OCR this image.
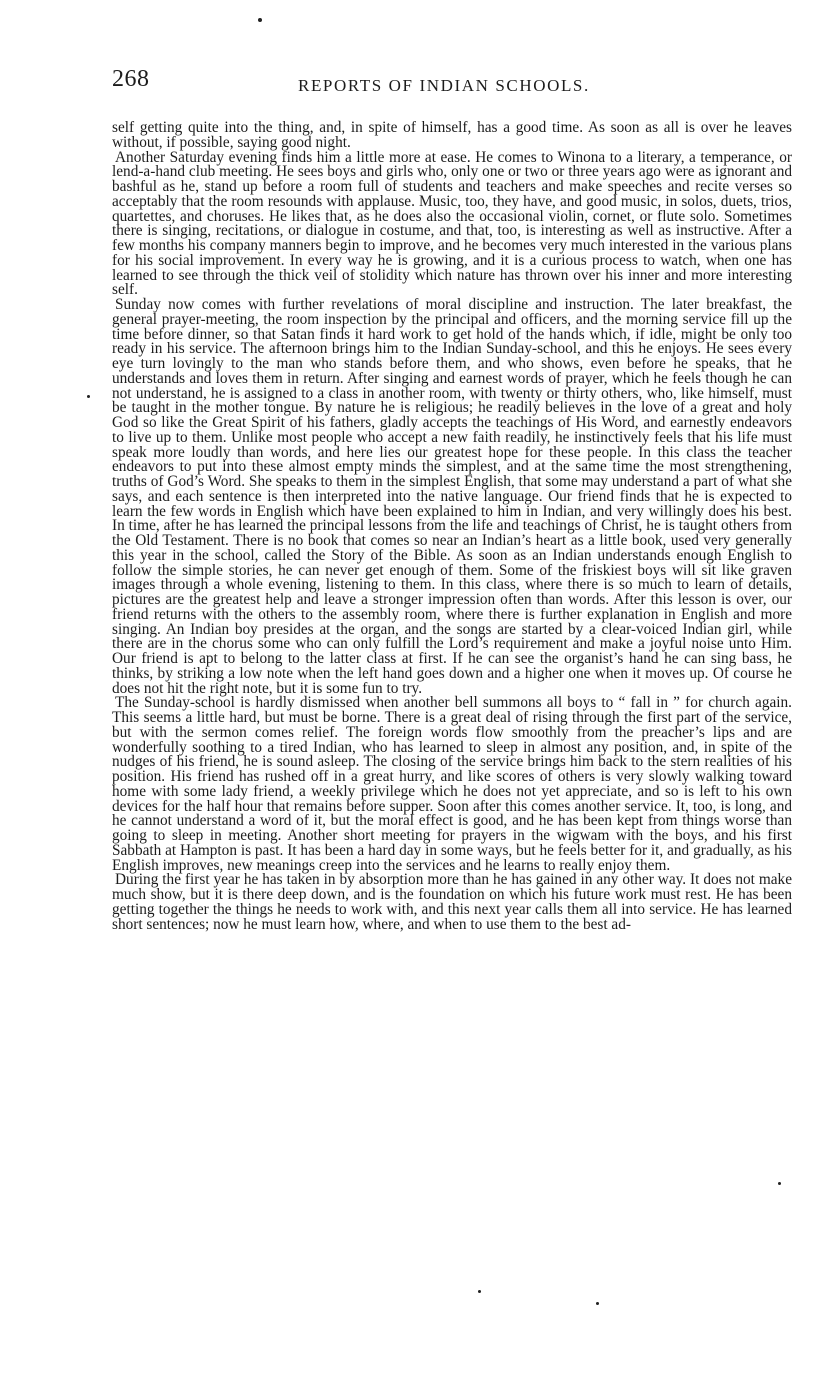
268	REPORTS OF INDIAN SCHOOLS.

self getting quite into the thing, and, in spite of himself, has a good time. As soon as all is over he leaves without, if possible, saying good night.

Another Saturday evening finds him a little more at ease. He comes to Winona to a literary, a temperance, or lend-a-hand club meeting. He sees boys and girls who, only one or two or three years ago were as ignorant and bashful as he, stand up before a room full of students and teachers and make speeches and recite verses so acceptably that the room resounds with applause. Music, too, they have, and good music, in solos, duets, trios, quartettes, and choruses. He likes that, as he does also the occasional violin, cornet, or flute solo. Sometimes there is singing, recitations, or dialogue in costume, and that, too, is interesting as well as instructive. After a few months his company manners begin to improve, and he becomes very much interested in the various plans for his social improvement. In every way he is growing, and it is a curious process to watch, when one has learned to see through the thick veil of stolidity which nature has thrown over his inner and more interesting self.

Sunday now comes with further revelations of moral discipline and instruction. The later breakfast, the general prayer-meeting, the room inspection by the principal and officers, and the morning service fill up the time before dinner, so that Satan finds it hard work to get hold of the hands which, if idle, might be only too ready in his service. The afternoon brings him to the Indian Sunday-school, and this he enjoys. He sees every eye turn lovingly to the man who stands before them, and who shows, even before he speaks, that he understands and loves them in return. After singing and earnest words of prayer, which he feels though he can not understand, he is assigned to a class in another room, with twenty or thirty others, who, like himself, must be taught in the mother tongue. By nature he is religious; he readily believes in the love of a great and holy God so like the Great Spirit of his fathers, gladly accepts the teachings of His Word, and earnestly endeavors to live up to them. Unlike most people who accept a new faith readily, he instinctively feels that his life must speak more loudly than words, and here lies our greatest hope for these people. In this class the teacher endeavors to put into these almost empty minds the simplest, and at the same time the most strengthening, truths of God’s Word. She speaks to them in the simplest English, that some may understand a part of what she says, and each sentence is then interpreted into the native language. Our friend finds that he is expected to learn the few words in English which have been explained to him in Indian, and very willingly does his best. In time, after he has learned the principal lessons from the life and teachings of Christ, he is taught others from the Old Testament. There is no book that comes so near an Indian’s heart as a little book, used very generally this year in the school, called the Story of the Bible. As soon as an Indian understands enough English to follow the simple stories, he can never get enough of them. Some of the friskiest boys will sit like graven images through a whole evening, listening to them. In this class, where there is so much to learn of details, pictures are the greatest help and leave a stronger impression often than words. After this lesson is over, our friend returns with the others to the assembly room, where there is further explanation in English and more singing. An Indian boy presides at the organ, and the songs are started by a clear-voiced Indian girl, while there are in the chorus some who can only fulfill the Lord’s requirement and make a joyful noise unto Him. Our friend is apt to belong to the latter class at first. If he can see the organist’s hand he can sing bass, he thinks, by striking a low note when the left hand goes down and a higher one when it moves up. Of course he does not hit the right note, but it is some fun to try.

The Sunday-school is hardly dismissed when another bell summons all boys to “ fall in ” for church again. This seems a little hard, but must be borne. There is a great deal of rising through the first part of the service, but with the sermon comes relief. The foreign words flow smoothly from the preacher’s lips and are wonderfully soothing to a tired Indian, who has learned to sleep in almost any position, and, in spite of the nudges of his friend, he is sound asleep. The closing of the service brings him back to the stern realities of his position. His friend has rushed off in a great hurry, and like scores of others is very slowly walking toward home with some lady friend, a weekly privilege which he does not yet appreciate, and so is left to his own devices for the half hour that remains before supper. Soon after this comes another service. It, too, is long, and he cannot understand a word of it, but the moral effect is good, and he has been kept from things worse than going to sleep in meeting. Another short meeting for prayers in the wigwam with the boys, and his first Sabbath at Hampton is past. It has been a hard day in some ways, but he feels better for it, and gradually, as his English improves, new meanings creep into the services and he learns to really enjoy them.

During the first year he has taken in by absorption more than he has gained in any other way. It does not make much show, but it is there deep down, and is the foundation on which his future work must rest. He has been getting together the things he needs to work with, and this next year calls them all into service. He has learned short sentences; now he must learn how, where, and when to use them to the best ad-
